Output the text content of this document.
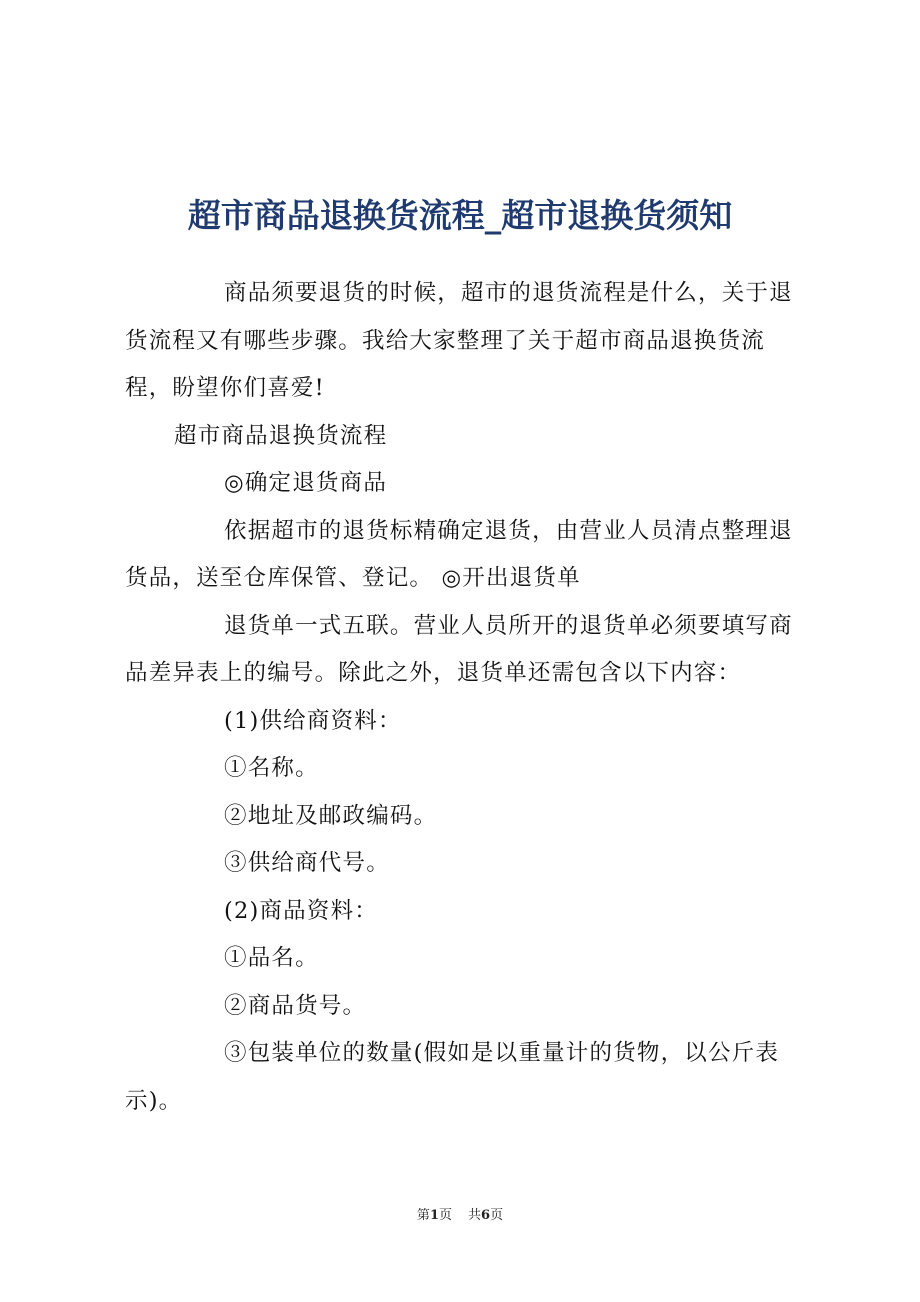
超市商品退换货流程_超市退换货须知

商品须要退货的时候，超市的退货流程是什么，关于退货流程又有哪些步骤。我给大家整理了关于超市商品退换货流程，盼望你们喜爱!

超市商品退换货流程

◎确定退货商品

依据超市的退货标精确定退货，由营业人员清点整理退货品，送至仓库保管、登记。 ◎开出退货单

退货单一式五联。营业人员所开的退货单必须要填写商品差异表上的编号。除此之外，退货单还需包含以下内容：

(1)供给商资料：

①名称。

②地址及邮政编码。

③供给商代号。

(2)商品资料：

①品名。

②商品货号。

③包装单位的数量(假如是以重量计的货物，以公斤表示)。

第1页 共6页
